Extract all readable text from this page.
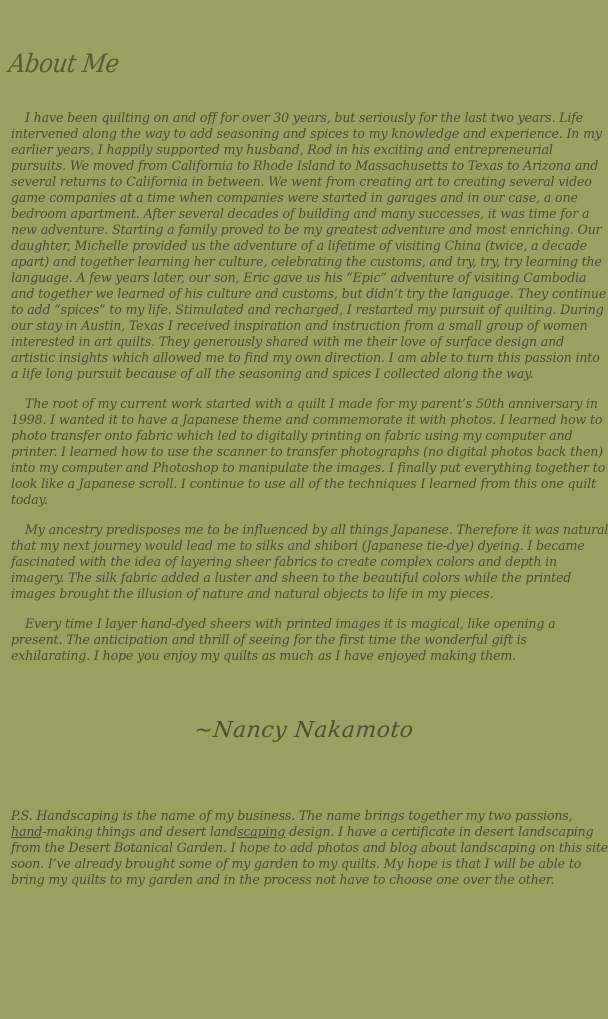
About Me

I have been quilting on and off for over 30 years, but seriously for the last two years. Life intervened along the way to add seasoning and spices to my knowledge and experience. In my earlier years, I happily supported my husband, Rod in his exciting and entrepreneurial pursuits. We moved from California to Rhode Island to Massachusetts to Texas to Arizona and several returns to California in between. We went from creating art to creating several video game companies at a time when companies were started in garages and in our case, a one bedroom apartment. After several decades of building and many successes, it was time for a new adventure. Starting a family proved to be my greatest adventure and most enriching. Our daughter, Michelle provided us the adventure of a lifetime of visiting China (twice, a decade apart) and together learning her culture, celebrating the customs, and try, try, try learning the language. A few years later, our son, Eric gave us his “Epic” adventure of visiting Cambodia and together we learned of his culture and customs, but didn’t try the language. They continue to add “spices” to my life. Stimulated and recharged, I restarted my pursuit of quilting. During our stay in Austin, Texas I received inspiration and instruction from a small group of women interested in art quilts. They generously shared with me their love of surface design and artistic insights which allowed me to find my own direction. I am able to turn this passion into a life long pursuit because of all the seasoning and spices I collected along the way.

The root of my current work started with a quilt I made for my parent’s 50th anniversary in 1998. I wanted it to have a Japanese theme and commemorate it with photos. I learned how to photo transfer onto fabric which led to digitally printing on fabric using my computer and printer. I learned how to use the scanner to transfer photographs (no digital photos back then) into my computer and Photoshop to manipulate the images. I finally put everything together to look like a Japanese scroll. I continue to use all of the techniques I learned from this one quilt today.

My ancestry predisposes me to be influenced by all things Japanese. Therefore it was natural that my next journey would lead me to silks and shibori (Japanese tie-dye) dyeing. I became fascinated with the idea of layering sheer fabrics to create complex colors and depth in imagery. The silk fabric added a luster and sheen to the beautiful colors while the printed images brought the illusion of nature and natural objects to life in my pieces.

Every time I layer hand-dyed sheers with printed images it is magical, like opening a present. The anticipation and thrill of seeing for the first time the wonderful gift is exhilarating. I hope you enjoy my quilts as much as I have enjoyed making them.

~Nancy Nakamoto

P.S. Handscaping is the name of my business. The name brings together my two passions, hand-making things and desert landscaping design. I have a certificate in desert landscaping from the Desert Botanical Garden. I hope to add photos and blog about landscaping on this site soon. I’ve already brought some of my garden to my quilts. My hope is that I will be able to bring my quilts to my garden and in the process not have to choose one over the other.
